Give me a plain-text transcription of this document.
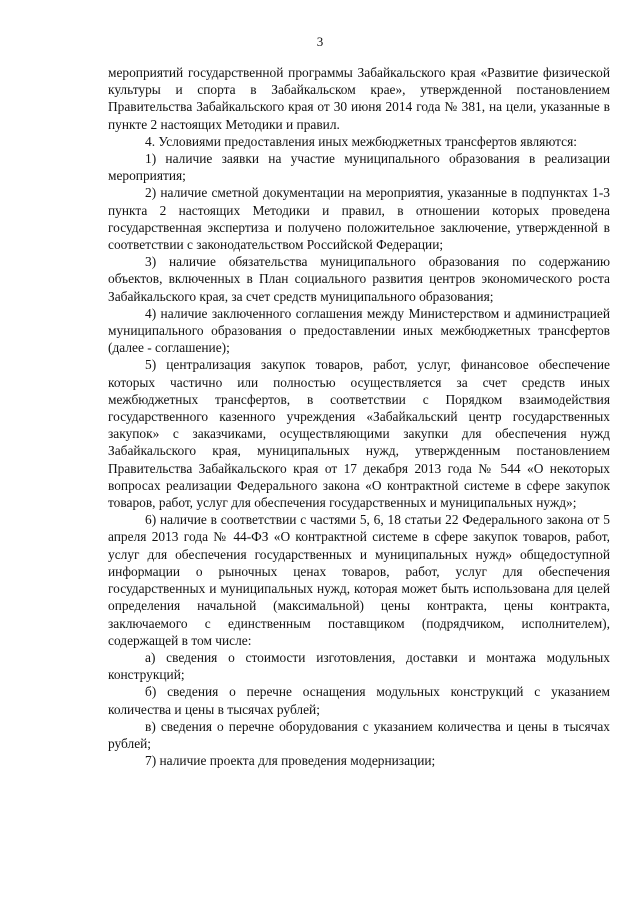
3

мероприятий государственной программы Забайкальского края «Развитие физической культуры и спорта в Забайкальском крае», утвержденной постановлением Правительства Забайкальского края от 30 июня 2014 года № 381, на цели, указанные в пункте 2 настоящих Методики и правил.

4. Условиями предоставления иных межбюджетных трансфертов являются:

1) наличие заявки на участие муниципального образования в реализации мероприятия;

2) наличие сметной документации на мероприятия, указанные в подпунктах 1-3 пункта 2 настоящих Методики и правил, в отношении которых проведена государственная экспертиза и получено положительное заключение, утвержденной в соответствии с законодательством Российской Федерации;

3) наличие обязательства муниципального образования по содержанию объектов, включенных в План социального развития центров экономического роста Забайкальского края, за счет средств муниципального образования;

4) наличие заключенного соглашения между Министерством и администрацией муниципального образования о предоставлении иных межбюджетных трансфертов (далее - соглашение);

5) централизация закупок товаров, работ, услуг, финансовое обеспечение которых частично или полностью осуществляется за счет средств иных межбюджетных трансфертов, в соответствии с Порядком взаимодействия государственного казенного учреждения «Забайкальский центр государственных закупок» с заказчиками, осуществляющими закупки для обеспечения нужд Забайкальского края, муниципальных нужд, утвержденным постановлением Правительства Забайкальского края от 17 декабря 2013 года № 544 «О некоторых вопросах реализации Федерального закона «О контрактной системе в сфере закупок товаров, работ, услуг для обеспечения государственных и муниципальных нужд»;

6) наличие в соответствии с частями 5, 6, 18 статьи 22 Федерального закона от 5 апреля 2013 года № 44-ФЗ «О контрактной системе в сфере закупок товаров, работ, услуг для обеспечения государственных и муниципальных нужд» общедоступной информации о рыночных ценах товаров, работ, услуг для обеспечения государственных и муниципальных нужд, которая может быть использована для целей определения начальной (максимальной) цены контракта, цены контракта, заключаемого с единственным поставщиком (подрядчиком, исполнителем), содержащей в том числе:

а) сведения о стоимости изготовления, доставки и монтажа модульных конструкций;

б) сведения о перечне оснащения модульных конструкций с указанием количества и цены в тысячах рублей;

в) сведения о перечне оборудования с указанием количества и цены в тысячах рублей;

7) наличие проекта для проведения модернизации;
